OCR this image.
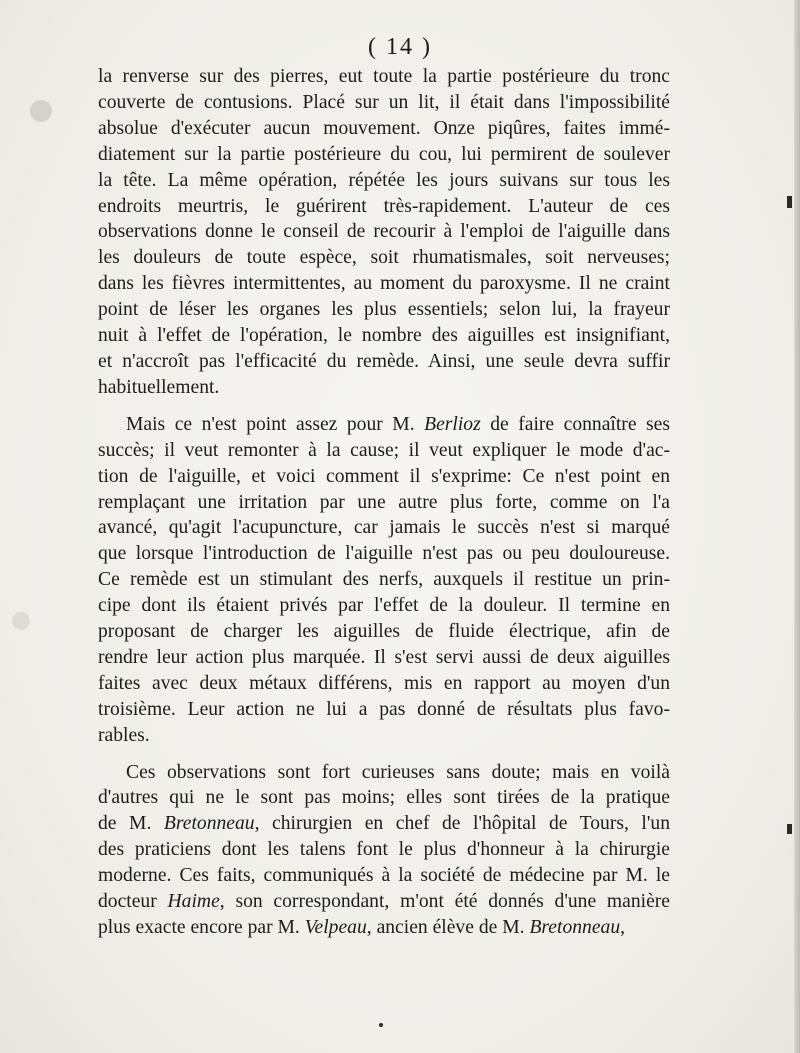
( 14 )
la renverse sur des pierres, eut toute la partie postérieure du tronc
couverte de contusions. Placé sur un lit, il était dans l'impossibilité
absolue d'exécuter aucun mouvement. Onze piqûres, faites immé-
diatement sur la partie postérieure du cou, lui permirent de soulever
la tête. La même opération, répétée les jours suivans sur tous les
endroits meurtris, le guérirent très-rapidement. L'auteur de ces
observations donne le conseil de recourir à l'emploi de l'aiguille dans
les douleurs de toute espèce, soit rhumatismales, soit nerveuses;
dans les fièvres intermittentes, au moment du paroxysme. Il ne craint
point de léser les organes les plus essentiels; selon lui, la frayeur
nuit à l'effet de l'opération, le nombre des aiguilles est insignifiant,
et n'accroît pas l'efficacité du remède. Ainsi, une seule devra suffir
habituellement.
Mais ce n'est point assez pour M. Berlioz de faire connaître ses
succès; il veut remonter à la cause; il veut expliquer le mode d'ac-
tion de l'aiguille, et voici comment il s'exprime: Ce n'est point en
remplaçant une irritation par une autre plus forte, comme on l'a
avancé, qu'agit l'acupuncture, car jamais le succès n'est si marqué
que lorsque l'introduction de l'aiguille n'est pas ou peu douloureuse.
Ce remède est un stimulant des nerfs, auxquels il restitue un prin-
cipe dont ils étaient privés par l'effet de la douleur. Il termine en
proposant de charger les aiguilles de fluide électrique, afin de
rendre leur action plus marquée. Il s'est servi aussi de deux aiguilles
faites avec deux métaux différens, mis en rapport au moyen d'un
troisième. Leur action ne lui a pas donné de résultats plus favo-
rables.
Ces observations sont fort curieuses sans doute; mais en voilà
d'autres qui ne le sont pas moins; elles sont tirées de la pratique
de M. Bretonneau, chirurgien en chef de l'hôpital de Tours, l'un
des praticiens dont les talens font le plus d'honneur à la chirurgie
moderne. Ces faits, communiqués à la société de médecine par M. le
docteur Haime, son correspondant, m'ont été donnés d'une manière
plus exacte encore par M. Velpeau, ancien élève de M. Bretonneau,
